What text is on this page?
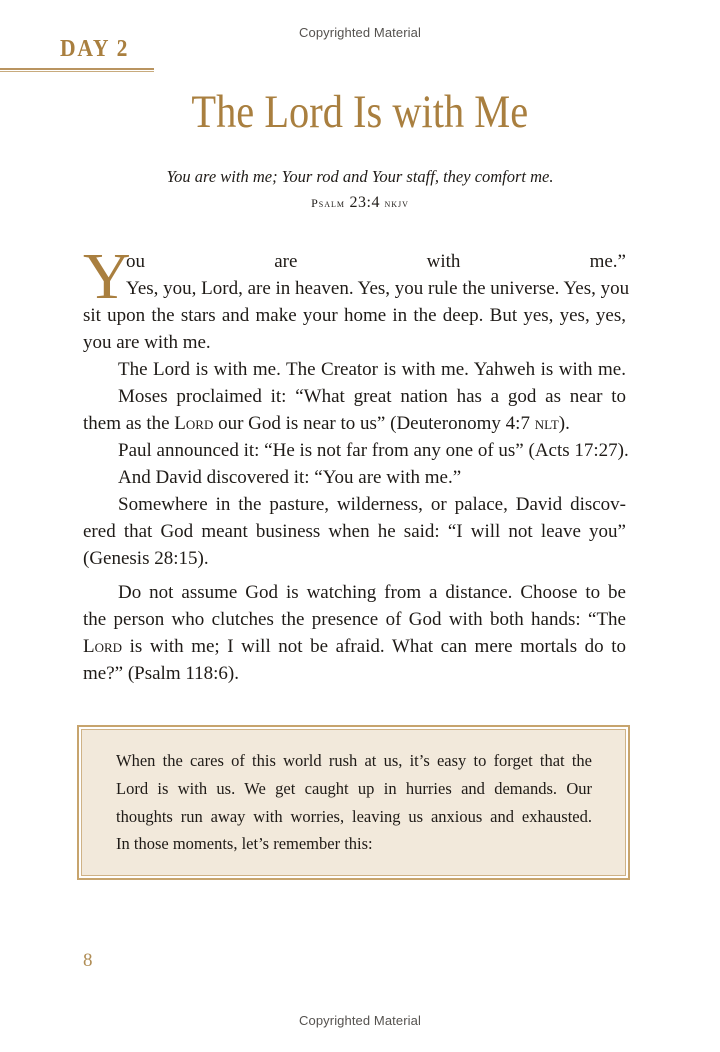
Copyrighted Material
DAY 2
The Lord Is with Me
You are with me; Your rod and Your staff, they comfort me.
Psalm 23:4 nkjv
Y
ou are with me.”
Yes, you, Lord, are in heaven. Yes, you rule the universe. Yes, you
sit upon the stars and make your home in the deep. But yes, yes, yes,
you are with me.
The Lord is with me. The Creator is with me. Yahweh is with me.
Moses proclaimed it: “What great nation has a god as near to
them as the Lord our God is near to us” (Deuteronomy 4:7 nlt).
Paul announced it: “He is not far from any one of us” (Acts 17:27).
And David discovered it: “You are with me.”
Somewhere in the pasture, wilderness, or palace, David discov-
ered that God meant business when he said: “I will not leave you”
(Genesis 28:15).
Do not assume God is watching from a distance. Choose to be
the person who clutches the presence of God with both hands: “The
Lord is with me; I will not be afraid. What can mere mortals do to
me?” (Psalm 118:6).
When the cares of this world rush at us, it’s easy to forget that the
Lord is with us. We get caught up in hurries and demands. Our
thoughts run away with worries, leaving us anxious and exhausted.
In those moments, let’s remember this:
8
Copyrighted Material
